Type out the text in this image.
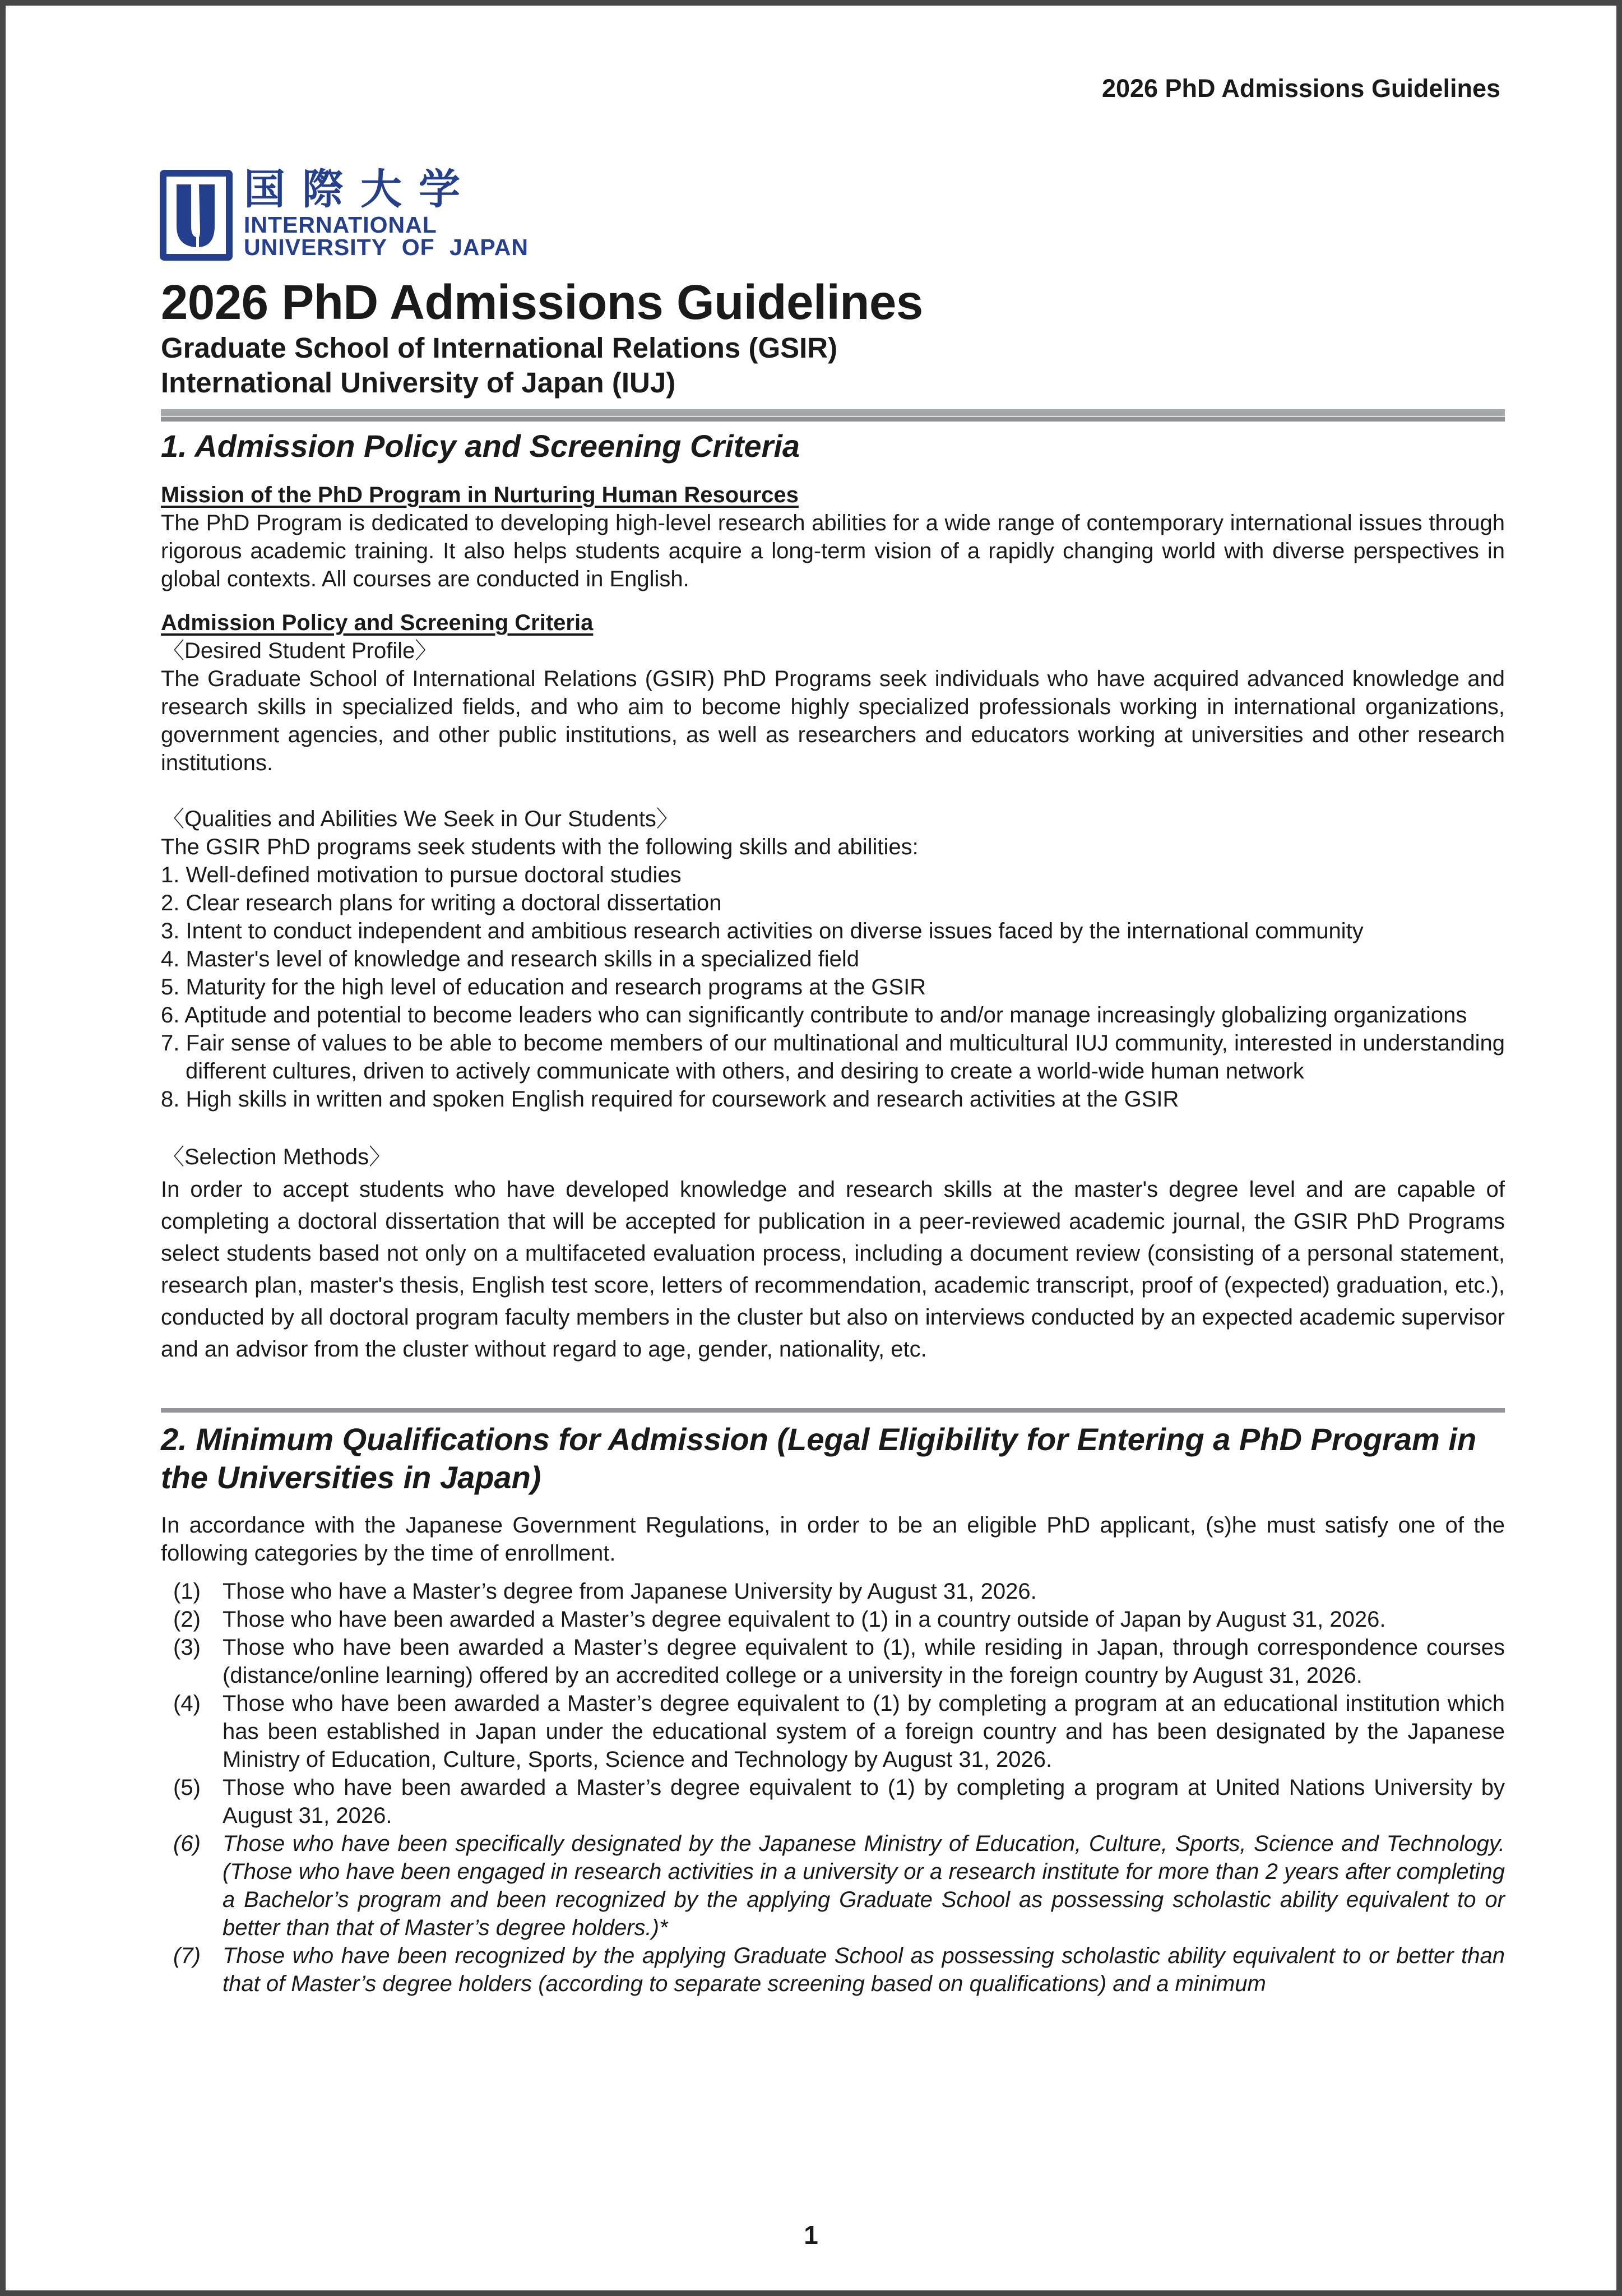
2026 PhD Admissions Guidelines
国際大学
INTERNATIONAL
UNIVERSITY OF JAPAN
2026 PhD Admissions Guidelines
Graduate School of International Relations (GSIR)
International University of Japan (IUJ)
1. Admission Policy and Screening Criteria
Mission of the PhD Program in Nurturing Human Resources

The PhD Program is dedicated to developing high-level research abilities for a wide range of contemporary international issues through rigorous academic training. It also helps students acquire a long-term vision of a rapidly changing world with diverse perspectives in global contexts. All courses are conducted in English.

Admission Policy and Screening Criteria
〈Desired Student Profile〉

The Graduate School of International Relations (GSIR) PhD Programs seek individuals who have acquired advanced knowledge and research skills in specialized fields, and who aim to become highly specialized professionals working in international organizations, government agencies, and other public institutions, as well as researchers and educators working at universities and other research institutions.

〈Qualities and Abilities We Seek in Our Students〉

The GSIR PhD programs seek students with the following skills and abilities:

1. Well-defined motivation to pursue doctoral studies
2. Clear research plans for writing a doctoral dissertation
3. Intent to conduct independent and ambitious research activities on diverse issues faced by the international community
4. Master's level of knowledge and research skills in a specialized field
5. Maturity for the high level of education and research programs at the GSIR
6. Aptitude and potential to become leaders who can significantly contribute to and/or manage increasingly globalizing organizations
7. Fair sense of values to be able to become members of our multinational and multicultural IUJ community, interested in understanding different cultures, driven to actively communicate with others, and desiring to create a world-wide human network
8. High skills in written and spoken English required for coursework and research activities at the GSIR
〈Selection Methods〉

In order to accept students who have developed knowledge and research skills at the master's degree level and are capable of completing a doctoral dissertation that will be accepted for publication in a peer-reviewed academic journal, the GSIR PhD Programs select students based not only on a multifaceted evaluation process, including a document review (consisting of a personal statement, research plan, master's thesis, English test score, letters of recommendation, academic transcript, proof of (expected) graduation, etc.), conducted by all doctoral program faculty members in the cluster but also on interviews conducted by an expected academic supervisor and an advisor from the cluster without regard to age, gender, nationality, etc.

2. Minimum Qualifications for Admission (Legal Eligibility for Entering a PhD Program in the Universities in Japan)

In accordance with the Japanese Government Regulations, in order to be an eligible PhD applicant, (s)he must satisfy one of the following categories by the time of enrollment.

(1) Those who have a Master’s degree from Japanese University by August 31, 2026.
(2) Those who have been awarded a Master’s degree equivalent to (1) in a country outside of Japan by August 31, 2026.
(3) Those who have been awarded a Master’s degree equivalent to (1), while residing in Japan, through correspondence courses (distance/online learning) offered by an accredited college or a university in the foreign country by August 31, 2026.
(4) Those who have been awarded a Master’s degree equivalent to (1) by completing a program at an educational institution which has been established in Japan under the educational system of a foreign country and has been designated by the Japanese Ministry of Education, Culture, Sports, Science and Technology by August 31, 2026.
(5) Those who have been awarded a Master’s degree equivalent to (1) by completing a program at United Nations University by August 31, 2026.
(6) Those who have been specifically designated by the Japanese Ministry of Education, Culture, Sports, Science and Technology. (Those who have been engaged in research activities in a university or a research institute for more than 2 years after completing a Bachelor’s program and been recognized by the applying Graduate School as possessing scholastic ability equivalent to or better than that of Master’s degree holders.)*
(7) Those who have been recognized by the applying Graduate School as possessing scholastic ability equivalent to or better than that of Master’s degree holders (according to separate screening based on qualifications) and a minimum
1
